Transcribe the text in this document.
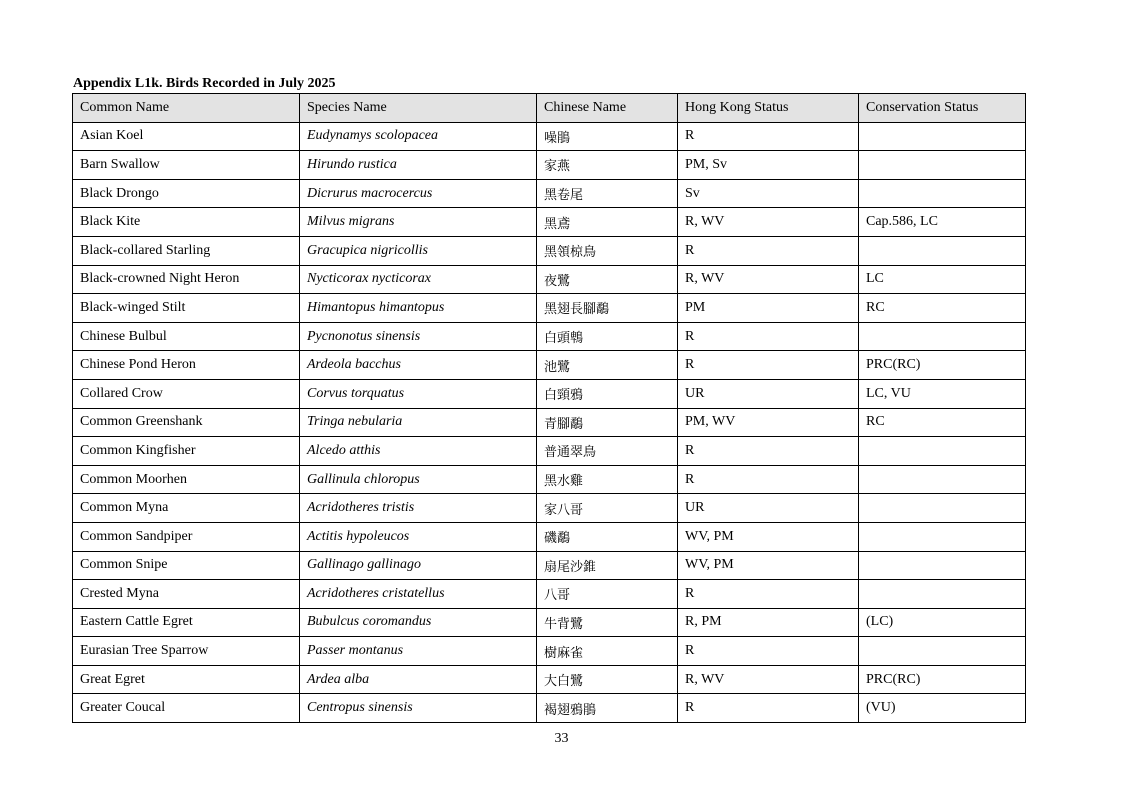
Appendix L1k. Birds Recorded in July 2025
Common Name	Species Name	Chinese Name	Hong Kong Status	Conservation Status
Asian Koel	Eudynamys scolopacea	噪鵑	R	
Barn Swallow	Hirundo rustica	家燕	PM, Sv	
Black Drongo	Dicrurus macrocercus	黑卷尾	Sv	
Black Kite	Milvus migrans	黑鳶	R, WV	Cap.586, LC
Black-collared Starling	Gracupica nigricollis	黑領椋鳥	R	
Black-crowned Night Heron	Nycticorax nycticorax	夜鷺	R, WV	LC
Black-winged Stilt	Himantopus himantopus	黑翅長腳鷸	PM	RC
Chinese Bulbul	Pycnonotus sinensis	白頭鵯	R	
Chinese Pond Heron	Ardeola bacchus	池鷺	R	PRC(RC)
Collared Crow	Corvus torquatus	白頸鴉	UR	LC, VU
Common Greenshank	Tringa nebularia	青腳鷸	PM, WV	RC
Common Kingfisher	Alcedo atthis	普通翠鳥	R	
Common Moorhen	Gallinula chloropus	黑水雞	R	
Common Myna	Acridotheres tristis	家八哥	UR	
Common Sandpiper	Actitis hypoleucos	磯鷸	WV, PM	
Common Snipe	Gallinago gallinago	扇尾沙錐	WV, PM	
Crested Myna	Acridotheres cristatellus	八哥	R	
Eastern Cattle Egret	Bubulcus coromandus	牛背鷺	R, PM	(LC)
Eurasian Tree Sparrow	Passer montanus	樹麻雀	R	
Great Egret	Ardea alba	大白鷺	R, WV	PRC(RC)
Greater Coucal	Centropus sinensis	褐翅鴉鵑	R	(VU)
33
